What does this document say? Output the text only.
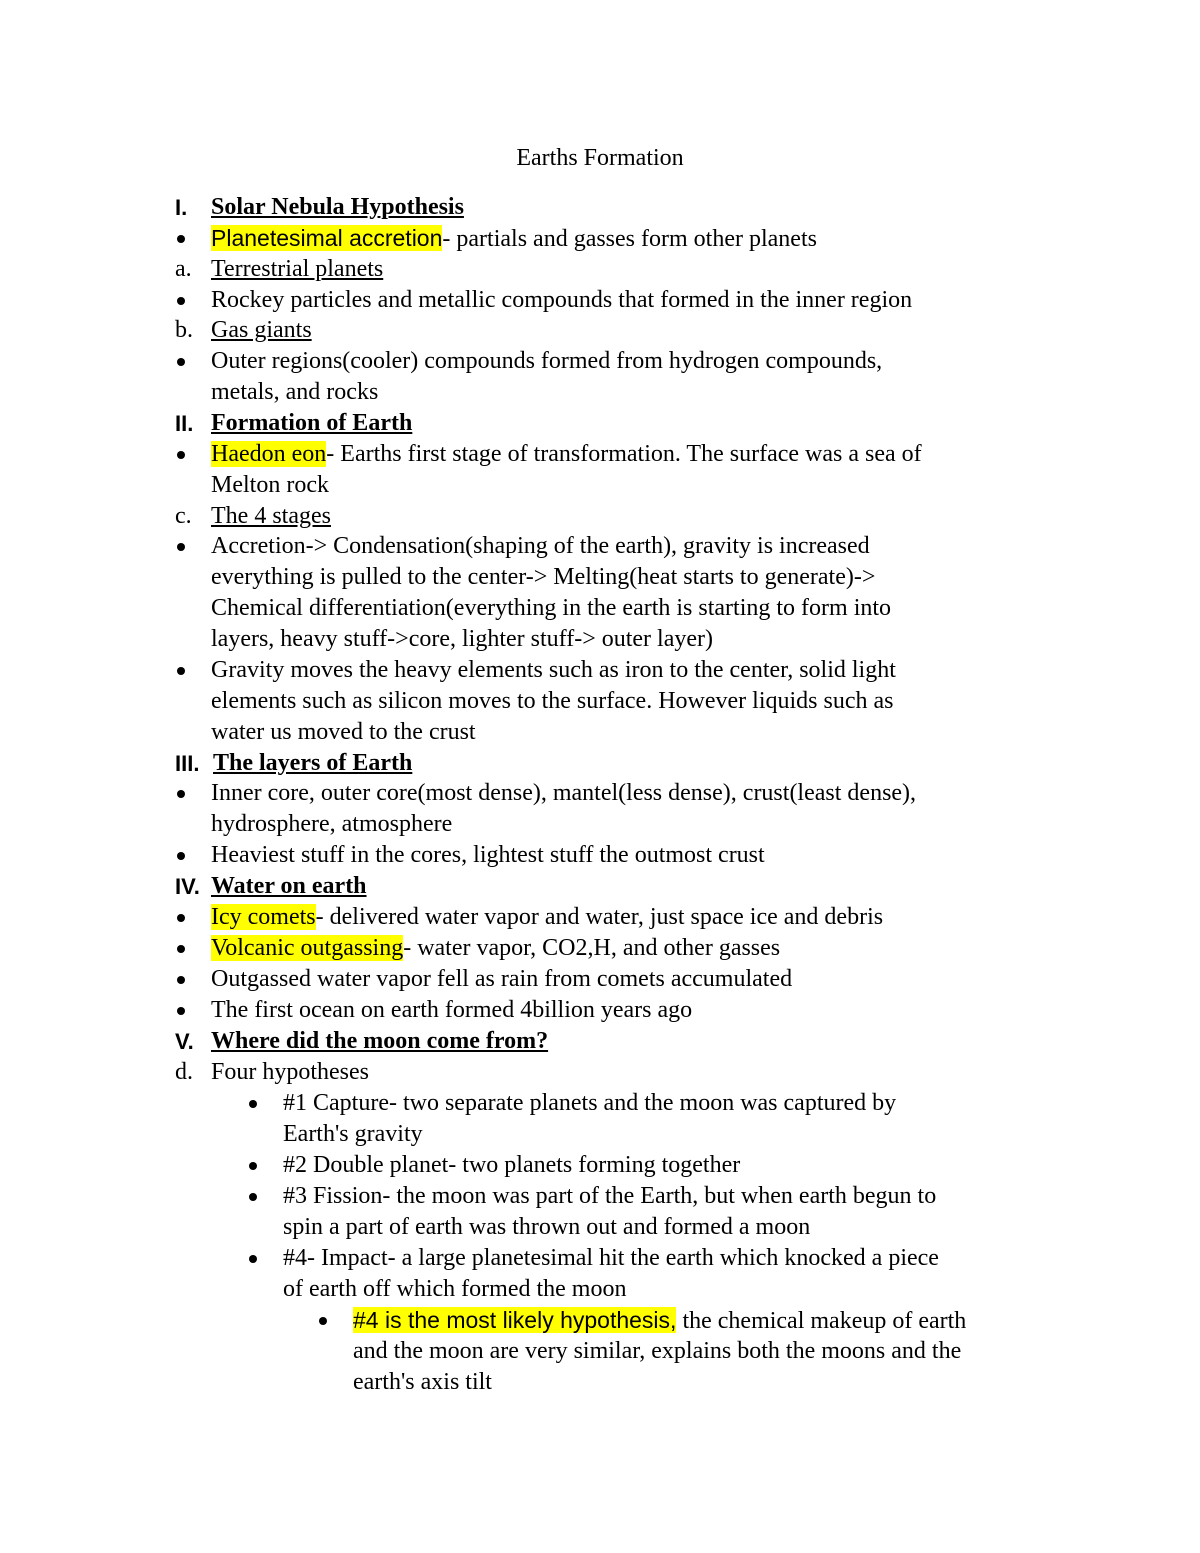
Earths Formation
I. Solar Nebula Hypothesis
Planetesimal accretion- partials and gasses form other planets
a. Terrestrial planets
Rockey particles and metallic compounds that formed in the inner region
b. Gas giants
Outer regions(cooler) compounds formed from hydrogen compounds,
metals, and rocks
II. Formation of Earth
Haedon eon- Earths first stage of transformation. The surface was a sea of
Melton rock
c. The 4 stages
Accretion-> Condensation(shaping of the earth), gravity is increased
everything is pulled to the center-> Melting(heat starts to generate)->
Chemical differentiation(everything in the earth is starting to form into
layers, heavy stuff->core, lighter stuff-> outer layer)
Gravity moves the heavy elements such as iron to the center, solid light
elements such as silicon moves to the surface. However liquids such as
water us moved to the crust
III. The layers of Earth
Inner core, outer core(most dense), mantel(less dense), crust(least dense),
hydrosphere, atmosphere
Heaviest stuff in the cores, lightest stuff the outmost crust
IV. Water on earth
Icy comets- delivered water vapor and water, just space ice and debris
Volcanic outgassing- water vapor, CO2,H, and other gasses
Outgassed water vapor fell as rain from comets accumulated
The first ocean on earth formed 4billion years ago
V. Where did the moon come from?
d. Four hypotheses
#1 Capture- two separate planets and the moon was captured by
Earth's gravity
#2 Double planet- two planets forming together
#3 Fission- the moon was part of the Earth, but when earth begun to
spin a part of earth was thrown out and formed a moon
#4- Impact- a large planetesimal hit the earth which knocked a piece
of earth off which formed the moon
#4 is the most likely hypothesis, the chemical makeup of earth
and the moon are very similar, explains both the moons and the
earth's axis tilt
